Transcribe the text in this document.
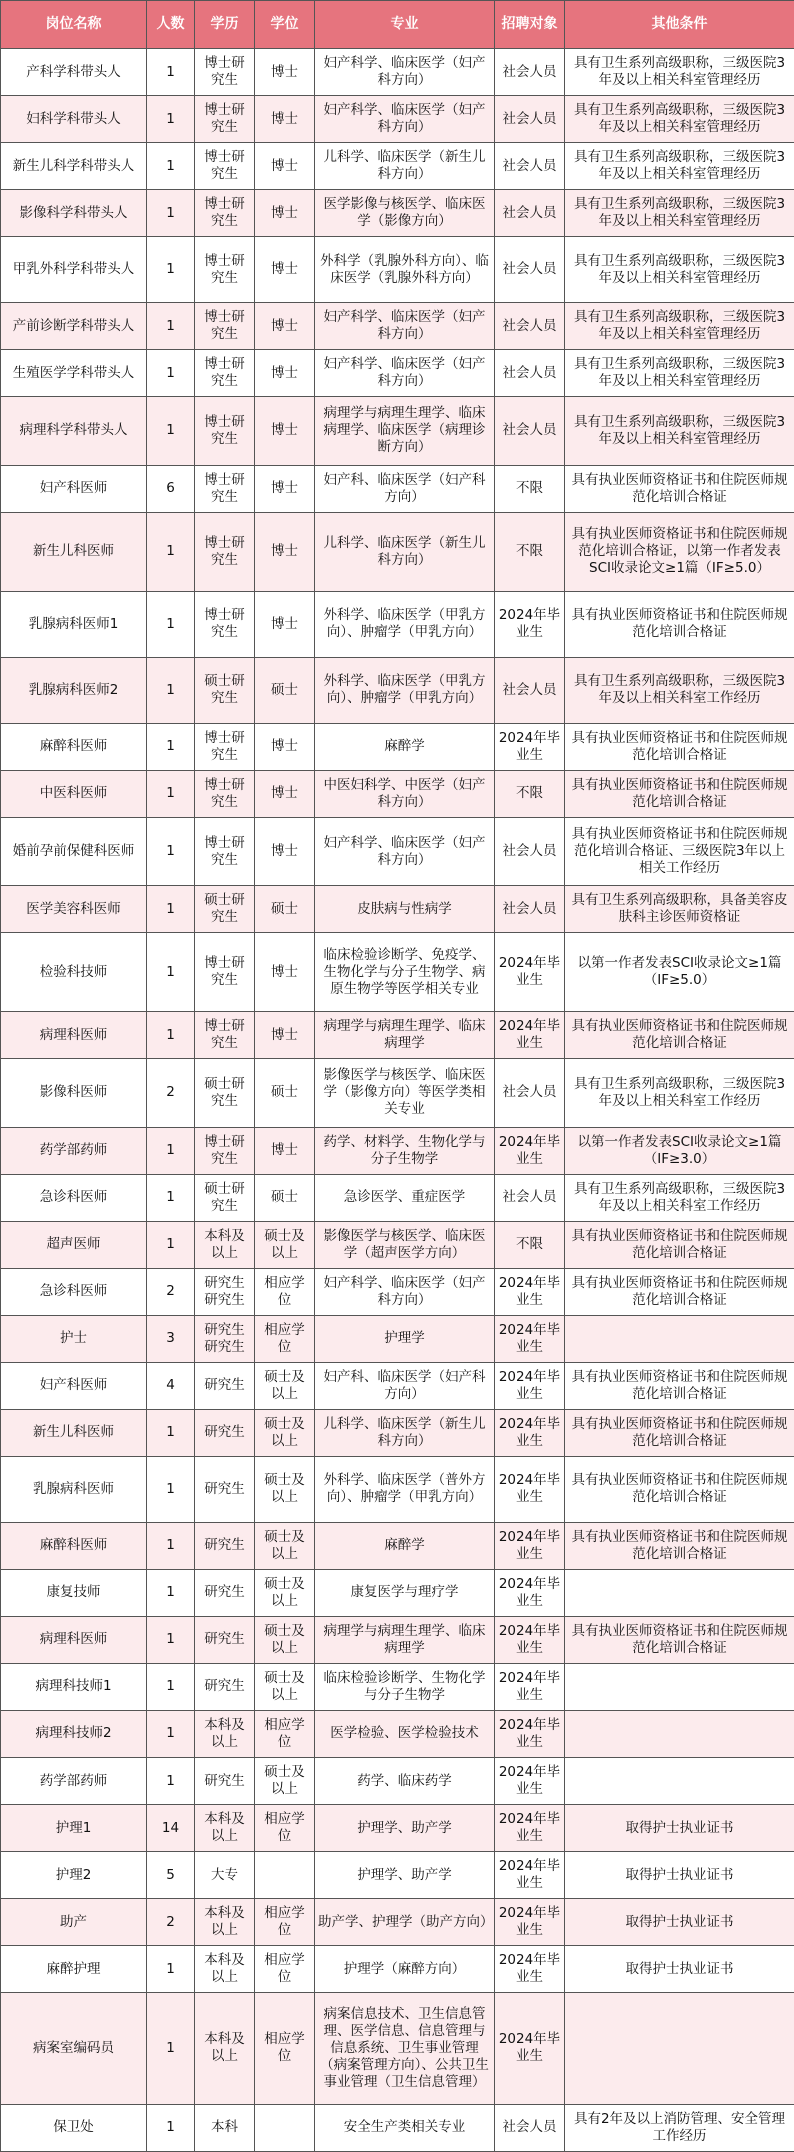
岗位名称	人数	学历	学位	专业	招聘对象	其他条件
产科学科带头人	1	博士研究生	博士	妇产科学、临床医学（妇产科方向）	社会人员	具有卫生系列高级职称，三级医院3年及以上相关科室管理经历
妇科学科带头人	1	博士研究生	博士	妇产科学、临床医学（妇产科方向）	社会人员	具有卫生系列高级职称，三级医院3年及以上相关科室管理经历
新生儿科学科带头人	1	博士研究生	博士	儿科学、临床医学（新生儿科方向）	社会人员	具有卫生系列高级职称，三级医院3年及以上相关科室管理经历
影像科学科带头人	1	博士研究生	博士	医学影像与核医学、临床医学（影像方向）	社会人员	具有卫生系列高级职称，三级医院3年及以上相关科室管理经历
甲乳外科学科带头人	1	博士研究生	博士	外科学（乳腺外科方向）、临床医学（乳腺外科方向）	社会人员	具有卫生系列高级职称，三级医院3年及以上相关科室管理经历
产前诊断学科带头人	1	博士研究生	博士	妇产科学、临床医学（妇产科方向）	社会人员	具有卫生系列高级职称，三级医院3年及以上相关科室管理经历
生殖医学学科带头人	1	博士研究生	博士	妇产科学、临床医学（妇产科方向）	社会人员	具有卫生系列高级职称，三级医院3年及以上相关科室管理经历
病理科学科带头人	1	博士研究生	博士	病理学与病理生理学、临床病理学、临床医学（病理诊断方向）	社会人员	具有卫生系列高级职称，三级医院3年及以上相关科室管理经历
妇产科医师	6	博士研究生	博士	妇产科、临床医学（妇产科方向）	不限	具有执业医师资格证书和住院医师规范化培训合格证
新生儿科医师	1	博士研究生	博士	儿科学、临床医学（新生儿科方向）	不限	具有执业医师资格证书和住院医师规范化培训合格证，以第一作者发表SCI收录论文≥1篇（IF≥5.0）
乳腺病科医师1	1	博士研究生	博士	外科学、临床医学（甲乳方向）、肿瘤学（甲乳方向）	2024年毕业生	具有执业医师资格证书和住院医师规范化培训合格证
乳腺病科医师2	1	硕士研究生	硕士	外科学、临床医学（甲乳方向）、肿瘤学（甲乳方向）	社会人员	具有卫生系列高级职称，三级医院3年及以上相关科室工作经历
麻醉科医师	1	博士研究生	博士	麻醉学	2024年毕业生	具有执业医师资格证书和住院医师规范化培训合格证
中医科医师	1	博士研究生	博士	中医妇科学、中医学（妇产科方向）	不限	具有执业医师资格证书和住院医师规范化培训合格证
婚前孕前保健科医师	1	博士研究生	博士	妇产科学、临床医学（妇产科方向）	社会人员	具有执业医师资格证书和住院医师规范化培训合格证、三级医院3年以上相关工作经历
医学美容科医师	1	硕士研究生	硕士	皮肤病与性病学	社会人员	具有卫生系列高级职称，具备美容皮肤科主诊医师资格证
检验科技师	1	博士研究生	博士	临床检验诊断学、免疫学、生物化学与分子生物学、病原生物学等医学相关专业	2024年毕业生	以第一作者发表SCI收录论文≥1篇（IF≥5.0）
病理科医师	1	博士研究生	博士	病理学与病理生理学、临床病理学	2024年毕业生	具有执业医师资格证书和住院医师规范化培训合格证
影像科医师	2	硕士研究生	硕士	影像医学与核医学、临床医学（影像方向）等医学类相关专业	社会人员	具有卫生系列高级职称，三级医院3年及以上相关科室工作经历
药学部药师	1	博士研究生	博士	药学、材料学、生物化学与分子生物学	2024年毕业生	以第一作者发表SCI收录论文≥1篇（IF≥3.0）
急诊科医师	1	硕士研究生	硕士	急诊医学、重症医学	社会人员	具有卫生系列高级职称，三级医院3年及以上相关科室工作经历
超声医师	1	本科及以上	硕士及以上	影像医学与核医学、临床医学（超声医学方向）	不限	具有执业医师资格证书和住院医师规范化培训合格证
急诊科医师	2	研究生研究生	相应学位	妇产科学、临床医学（妇产科方向）	2024年毕业生	具有执业医师资格证书和住院医师规范化培训合格证
护士	3	研究生研究生	相应学位	护理学	2024年毕业生	
妇产科医师	4	研究生	硕士及以上	妇产科、临床医学（妇产科方向）	2024年毕业生	具有执业医师资格证书和住院医师规范化培训合格证
新生儿科医师	1	研究生	硕士及以上	儿科学、临床医学（新生儿科方向）	2024年毕业生	具有执业医师资格证书和住院医师规范化培训合格证
乳腺病科医师	1	研究生	硕士及以上	外科学、临床医学（普外方向）、肿瘤学（甲乳方向）	2024年毕业生	具有执业医师资格证书和住院医师规范化培训合格证
麻醉科医师	1	研究生	硕士及以上	麻醉学	2024年毕业生	具有执业医师资格证书和住院医师规范化培训合格证
康复技师	1	研究生	硕士及以上	康复医学与理疗学	2024年毕业生	
病理科医师	1	研究生	硕士及以上	病理学与病理生理学、临床病理学	2024年毕业生	具有执业医师资格证书和住院医师规范化培训合格证
病理科技师1	1	研究生	硕士及以上	临床检验诊断学、生物化学与分子生物学	2024年毕业生	
病理科技师2	1	本科及以上	相应学位	医学检验、医学检验技术	2024年毕业生	
药学部药师	1	研究生	硕士及以上	药学、临床药学	2024年毕业生	
护理1	14	本科及以上	相应学位	护理学、助产学	2024年毕业生	取得护士执业证书
护理2	5	大专		护理学、助产学	2024年毕业生	取得护士执业证书
助产	2	本科及以上	相应学位	助产学、护理学（助产方向）	2024年毕业生	取得护士执业证书
麻醉护理	1	本科及以上	相应学位	护理学（麻醉方向）	2024年毕业生	取得护士执业证书
病案室编码员	1	本科及以上	相应学位	病案信息技术、卫生信息管理、医学信息、信息管理与信息系统、卫生事业管理（病案管理方向）、公共卫生事业管理（卫生信息管理）	2024年毕业生	
保卫处	1	本科		安全生产类相关专业	社会人员	具有2年及以上消防管理、安全管理工作经历
